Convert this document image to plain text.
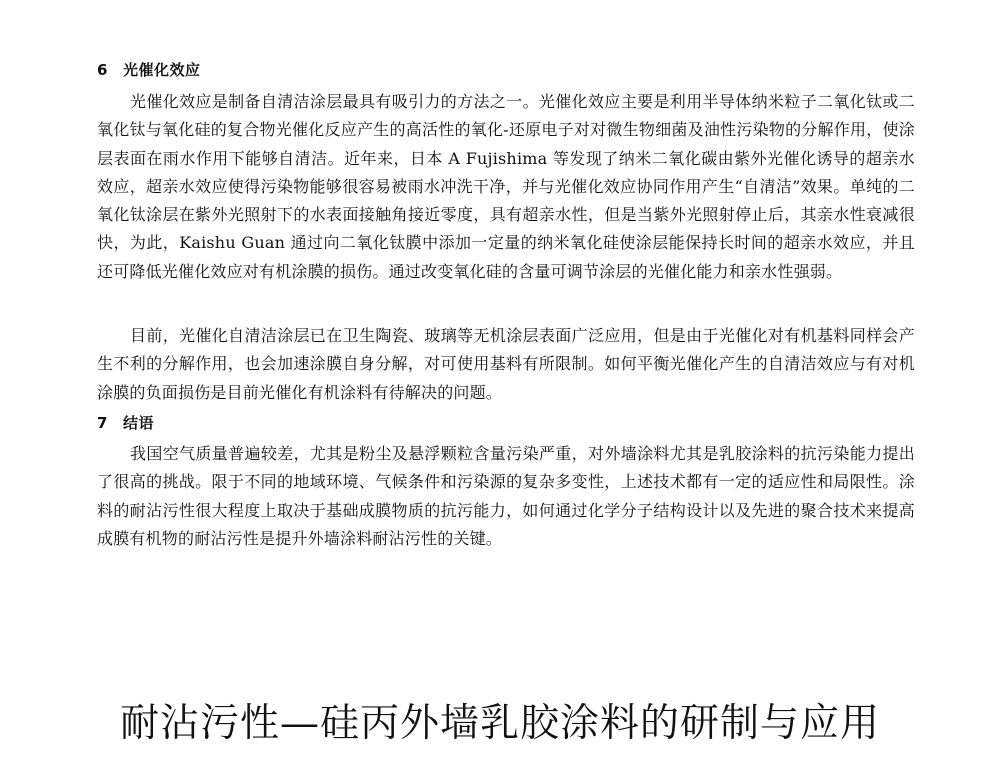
6 光催化效应

光催化效应是制备自清洁涂层最具有吸引力的方法之一。光催化效应主要是利用半导体纳米粒子二氧化钛或二氧化钛与氧化硅的复合物光催化反应产生的高活性的氧化-还原电子对对微生物细菌及油性污染物的分解作用，使涂层表面在雨水作用下能够自清洁。近年来，日本 A Fujishima 等发现了纳米二氧化碳由紫外光催化诱导的超亲水效应，超亲水效应使得污染物能够很容易被雨水冲洗干净，并与光催化效应协同作用产生“自清洁”效果。单纯的二氧化钛涂层在紫外光照射下的水表面接触角接近零度，具有超亲水性，但是当紫外光照射停止后，其亲水性衰减很快，为此，Kaishu Guan 通过向二氧化钛膜中添加一定量的纳米氧化硅使涂层能保持长时间的超亲水效应，并且还可降低光催化效应对有机涂膜的损伤。通过改变氧化硅的含量可调节涂层的光催化能力和亲水性强弱。

目前，光催化自清洁涂层已在卫生陶瓷、玻璃等无机涂层表面广泛应用，但是由于光催化对有机基料同样会产生不利的分解作用，也会加速涂膜自身分解，对可使用基料有所限制。如何平衡光催化产生的自清洁效应与有对机涂膜的负面损伤是目前光催化有机涂料有待解决的问题。

7 结语

我国空气质量普遍较差，尤其是粉尘及悬浮颗粒含量污染严重，对外墙涂料尤其是乳胶涂料的抗污染能力提出了很高的挑战。限于不同的地域环境、气候条件和污染源的复杂多变性，上述技术都有一定的适应性和局限性。涂料的耐沾污性很大程度上取决于基础成膜物质的抗污能力，如何通过化学分子结构设计以及先进的聚合技术来提高成膜有机物的耐沾污性是提升外墙涂料耐沾污性的关键。

耐沾污性—硅丙外墙乳胶涂料的研制与应用
